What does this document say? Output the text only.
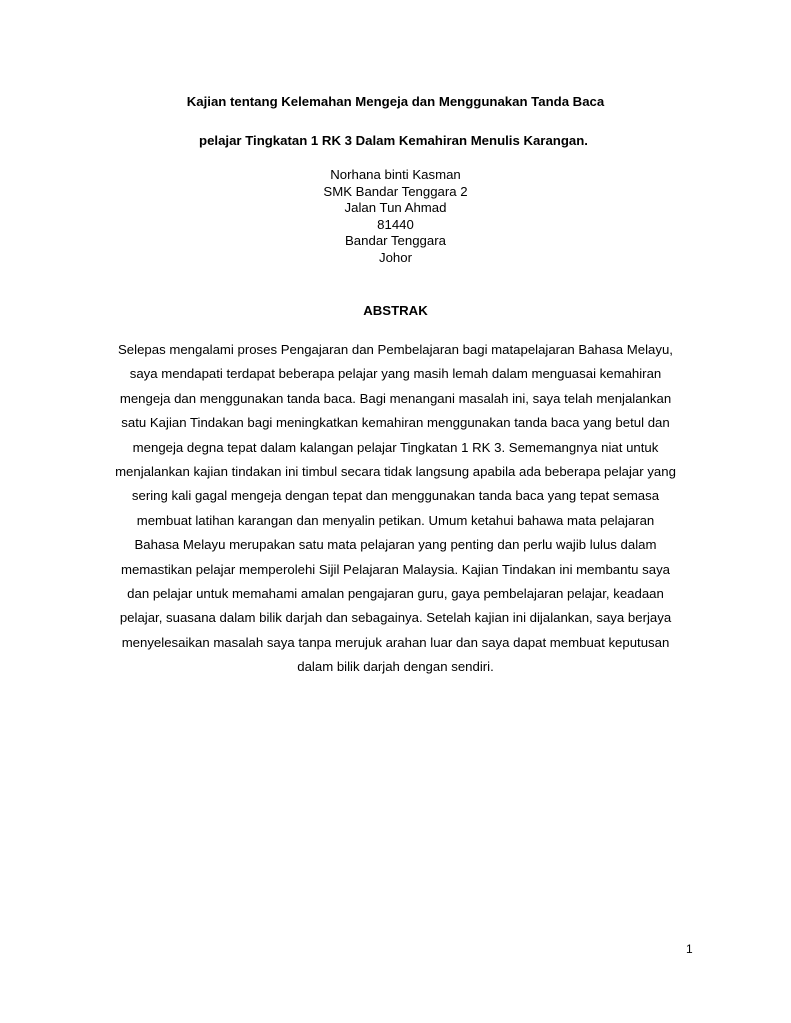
Kajian tentang Kelemahan Mengeja dan Menggunakan Tanda Baca
pelajar Tingkatan 1 RK 3 Dalam Kemahiran Menulis Karangan.
Norhana binti Kasman
SMK Bandar Tenggara 2
Jalan Tun Ahmad
81440
Bandar Tenggara
Johor
ABSTRAK
Selepas mengalami proses Pengajaran dan Pembelajaran bagi matapelajaran Bahasa Melayu,
saya mendapati terdapat beberapa pelajar yang masih lemah dalam menguasai kemahiran
mengeja dan menggunakan tanda baca. Bagi menangani masalah ini, saya telah menjalankan
satu Kajian Tindakan bagi meningkatkan kemahiran menggunakan tanda baca yang betul dan
mengeja degna tepat dalam kalangan pelajar Tingkatan 1 RK 3. Sememangnya niat untuk
menjalankan kajian tindakan ini timbul secara tidak langsung apabila ada beberapa pelajar yang
sering kali gagal mengeja dengan tepat dan menggunakan tanda baca yang tepat semasa
membuat latihan karangan dan menyalin petikan. Umum ketahui bahawa mata pelajaran
Bahasa Melayu merupakan satu mata pelajaran yang penting dan perlu wajib lulus dalam
memastikan pelajar memperolehi Sijil Pelajaran Malaysia. Kajian Tindakan ini membantu saya
dan pelajar untuk memahami amalan pengajaran guru, gaya pembelajaran pelajar, keadaan
pelajar, suasana dalam bilik darjah dan sebagainya. Setelah kajian ini dijalankan, saya berjaya
menyelesaikan masalah saya tanpa merujuk arahan luar dan saya dapat membuat keputusan
dalam bilik darjah dengan sendiri.
1
